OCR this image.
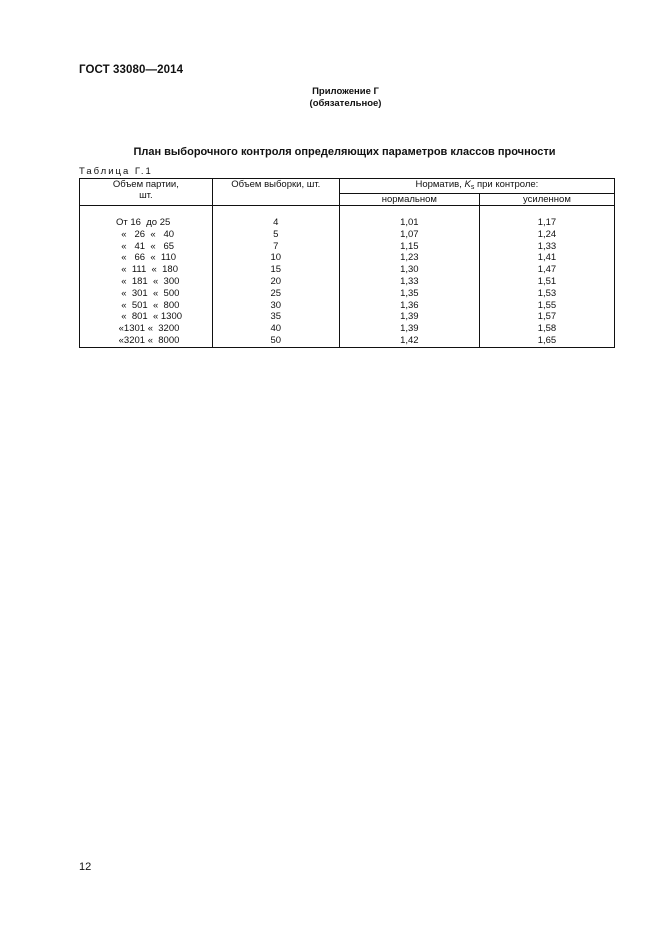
ГОСТ 33080—2014
Приложение Г
(обязательное)
План выборочного контроля определяющих параметров классов прочности
Таблица Г.1
Объем партии,
шт.	Объем выборки, шт.	Норматив, $K_s$ при контроле:	
		нормальном	усиленном

От 16  до 25	4	1,01	1,17
«   26  «   40	5	1,07	1,24
«   41  «   65	7	1,15	1,33
«   66  «  110	10	1,23	1,41
«  111  «  180	15	1,30	1,47
«  181  «  300	20	1,33	1,51
«  301  «  500	25	1,35	1,53
«  501  «  800	30	1,36	1,55
«  801  « 1300	35	1,39	1,57
«1301 «  3200	40	1,39	1,58
«3201 «  8000	50	1,42	1,65
12
